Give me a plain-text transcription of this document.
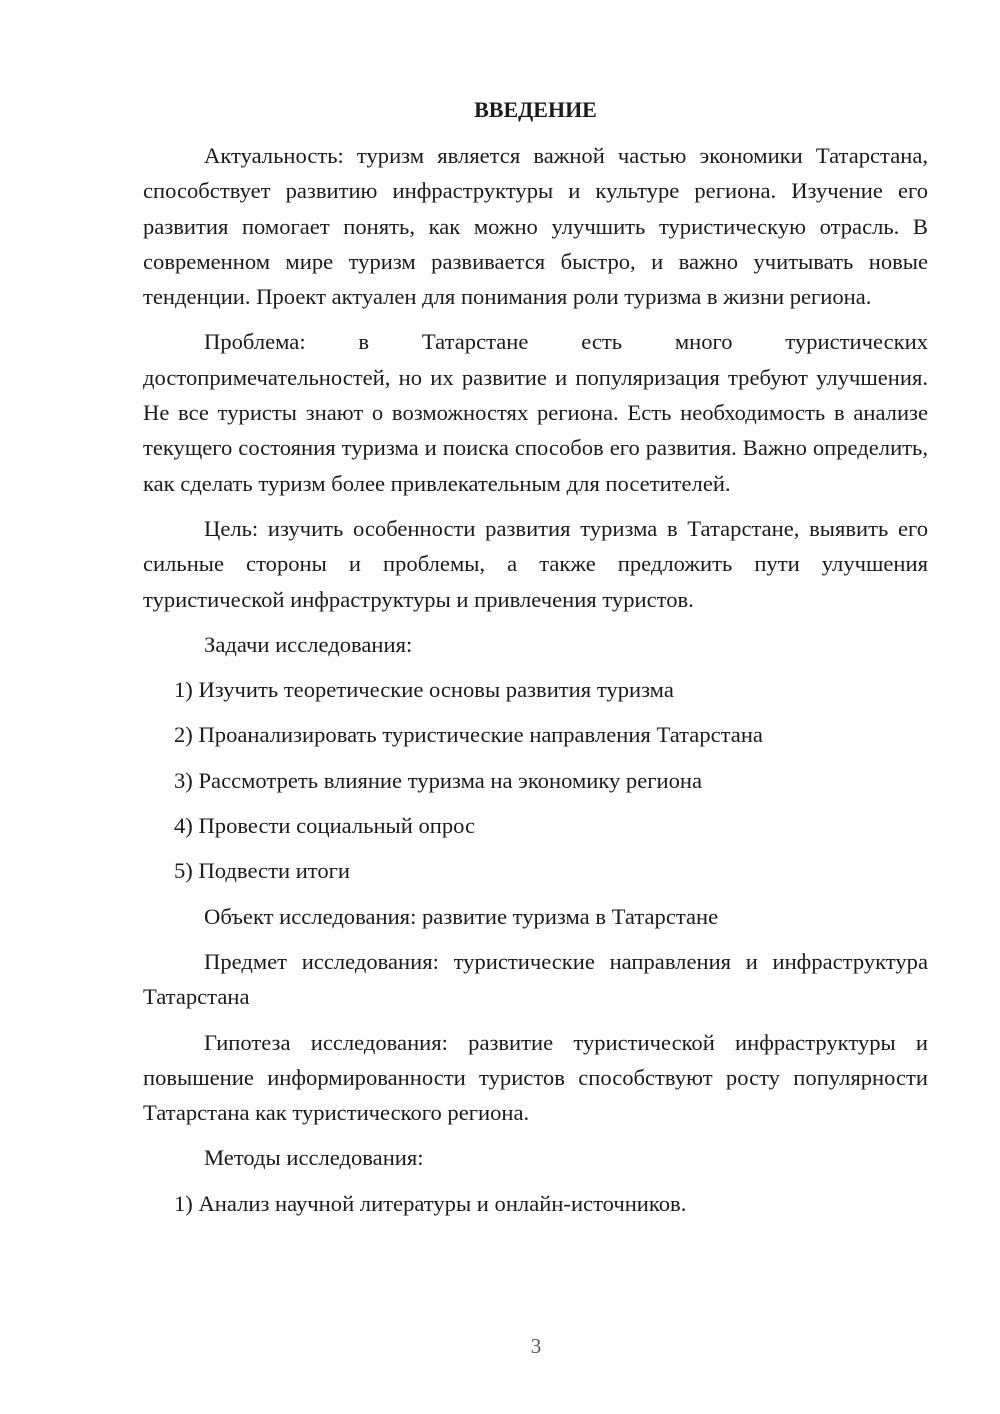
ВВЕДЕНИЕ

Актуальность: туризм является важной частью экономики Татарстана, способствует развитию инфраструктуры и культуре региона. Изучение его развития помогает понять, как можно улучшить туристическую отрасль. В современном мире туризм развивается быстро, и важно учитывать новые тенденции. Проект актуален для понимания роли туризма в жизни региона.

Проблема: в Татарстане есть много туристических достопримечательностей, но их развитие и популяризация требуют улучшения. Не все туристы знают о возможностях региона. Есть необходимость в анализе текущего состояния туризма и поиска способов его развития. Важно определить, как сделать туризм более привлекательным для посетителей.

Цель: изучить особенности развития туризма в Татарстане, выявить его сильные стороны и проблемы, а также предложить пути улучшения туристической инфраструктуры и привлечения туристов.

Задачи исследования:

1) Изучить теоретические основы развития туризма

2) Проанализировать туристические направления Татарстана

3) Рассмотреть влияние туризма на экономику региона

4) Провести социальный опрос

5) Подвести итоги

Объект исследования: развитие туризма в Татарстане

Предмет исследования: туристические направления и инфраструктура Татарстана

Гипотеза исследования: развитие туристической инфраструктуры и повышение информированности туристов способствуют росту популярности Татарстана как туристического региона.

Методы исследования:

1) Анализ научной литературы и онлайн-источников.

3
